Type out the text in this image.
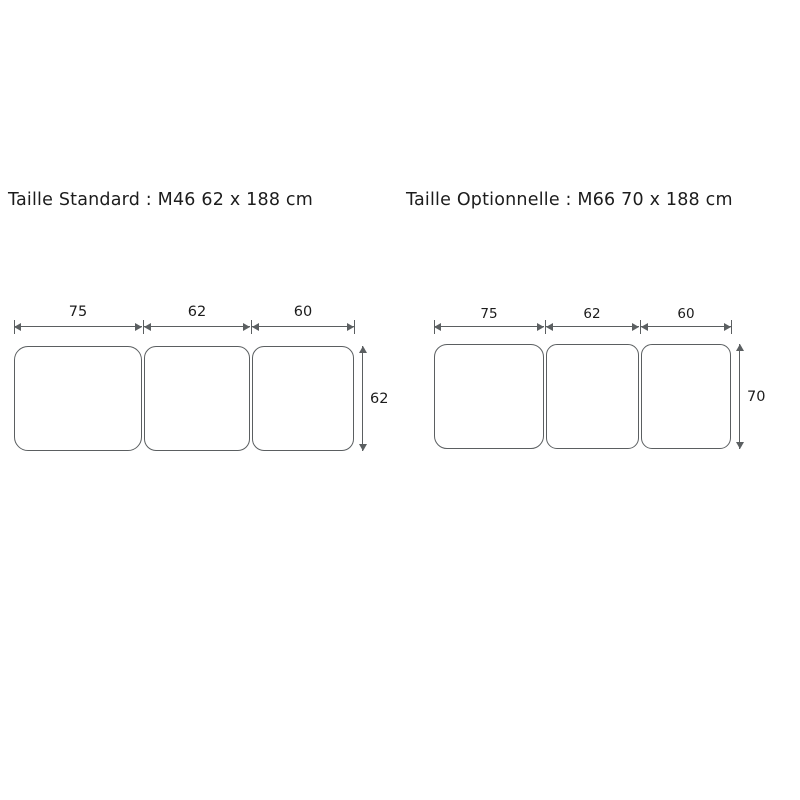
Taille Standard : M46 62 x 188 cm	Taille Optionnelle : M66 70 x 188 cm
75	62	60
62
75	62	60
70
